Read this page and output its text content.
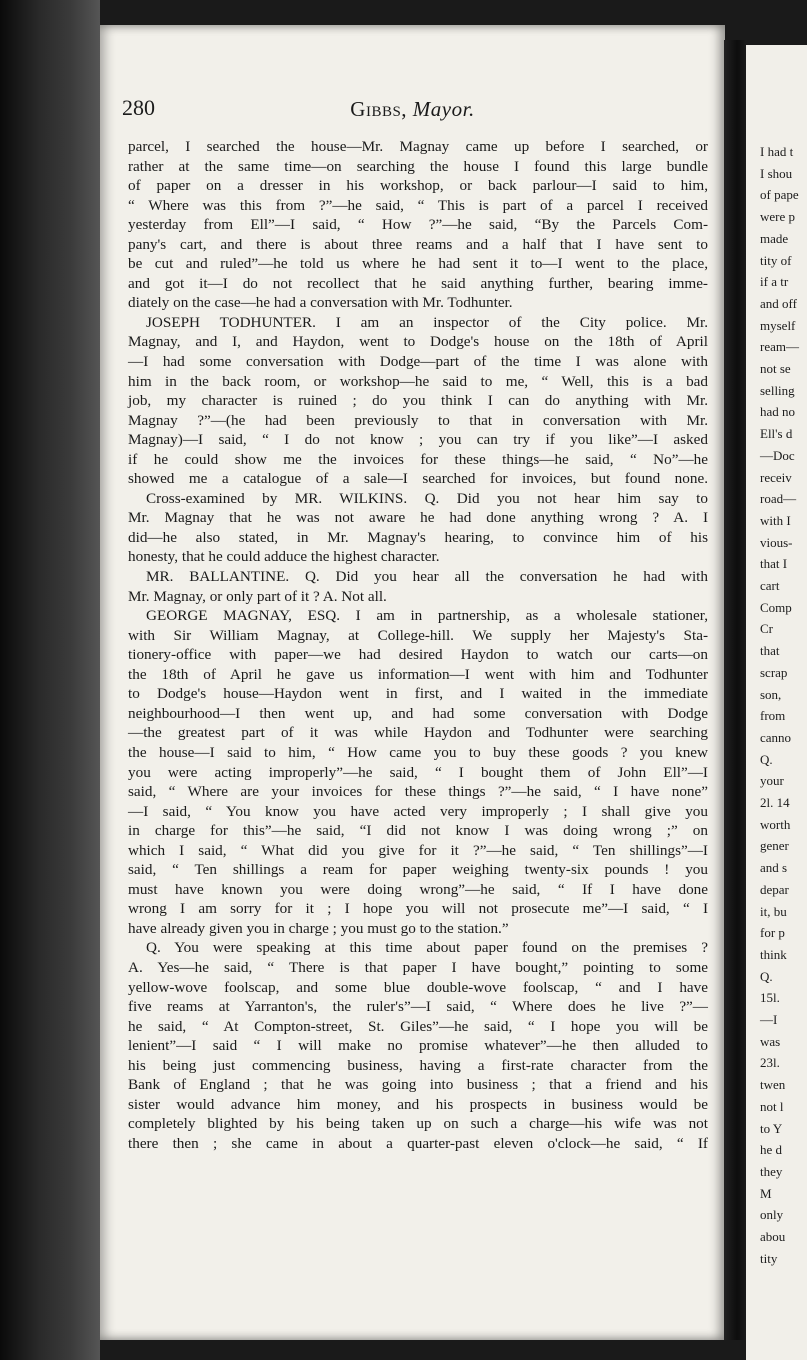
280	Gibbs, Mayor.
parcel, I searched the house—Mr. Magnay came up before I searched, or
rather at the same time—on searching the house I found this large bundle
of paper on a dresser in his workshop, or back parlour—I said to him,
“ Where was this from ?”—he said, “ This is part of a parcel I received
yesterday from Ell”—I said, “ How ?”—he said, “By the Parcels Com-
pany's cart, and there is about three reams and a half that I have sent to
be cut and ruled”—he told us where he had sent it to—I went to the place,
and got it—I do not recollect that he said anything further, bearing imme-
diately on the case—he had a conversation with Mr. Todhunter.
JOSEPH TODHUNTER. I am an inspector of the City police. Mr.
Magnay, and I, and Haydon, went to Dodge's house on the 18th of April
—I had some conversation with Dodge—part of the time I was alone with
him in the back room, or workshop—he said to me, “ Well, this is a bad
job, my character is ruined ; do you think I can do anything with Mr.
Magnay ?”—(he had been previously to that in conversation with Mr.
Magnay)—I said, “ I do not know ; you can try if you like”—I asked
if he could show me the invoices for these things—he said, “ No”—he
showed me a catalogue of a sale—I searched for invoices, but found none.
Cross-examined by MR. WILKINS. Q. Did you not hear him say to
Mr. Magnay that he was not aware he had done anything wrong ? A. I
did—he also stated, in Mr. Magnay's hearing, to convince him of his
honesty, that he could adduce the highest character.
MR. BALLANTINE. Q. Did you hear all the conversation he had with
Mr. Magnay, or only part of it ? A. Not all.
GEORGE MAGNAY, ESQ. I am in partnership, as a wholesale stationer,
with Sir William Magnay, at College-hill. We supply her Majesty's Sta-
tionery-office with paper—we had desired Haydon to watch our carts—on
the 18th of April he gave us information—I went with him and Todhunter
to Dodge's house—Haydon went in first, and I waited in the immediate
neighbourhood—I then went up, and had some conversation with Dodge
—the greatest part of it was while Haydon and Todhunter were searching
the house—I said to him, “ How came you to buy these goods ? you knew
you were acting improperly”—he said, “ I bought them of John Ell”—I
said, “ Where are your invoices for these things ?”—he said, “ I have none”
—I said, “ You know you have acted very improperly ; I shall give you
in charge for this”—he said, “I did not know I was doing wrong ;” on
which I said, “ What did you give for it ?”—he said, “ Ten shillings”—I
said, “ Ten shillings a ream for paper weighing twenty-six pounds ! you
must have known you were doing wrong”—he said, “ If I have done
wrong I am sorry for it ; I hope you will not prosecute me”—I said, “ I
have already given you in charge ; you must go to the station.”
Q. You were speaking at this time about paper found on the premises ?
A. Yes—he said, “ There is that paper I have bought,” pointing to some
yellow-wove foolscap, and some blue double-wove foolscap, “ and I have
five reams at Yarranton's, the ruler's”—I said, “ Where does he live ?”—
he said, “ At Compton-street, St. Giles”—he said, “ I hope you will be
lenient”—I said “ I will make no promise whatever”—he then alluded to
his being just commencing business, having a first-rate character from the
Bank of England ; that he was going into business ; that a friend and his
sister would advance him money, and his prospects in business would be
completely blighted by his being taken up on such a charge—his wife was not
there then ; she came in about a quarter-past eleven o'clock—he said, “ If
I had t
I shou
of pape
were p
made
tity of
if a tr
and off
myself
ream—
not se
selling
had no
Ell's d
—Doc
receiv
road—
with I
vious-
that I
cart
Comp
Cr
that
scrap
son,
from
canno
Q.
your
2l. 14
worth
gener
and s
depar
it, bu
for p
think
Q.
15l.
—I
was
23l.
twen
not l
to Y
he d
they
M
only
abou
tity
